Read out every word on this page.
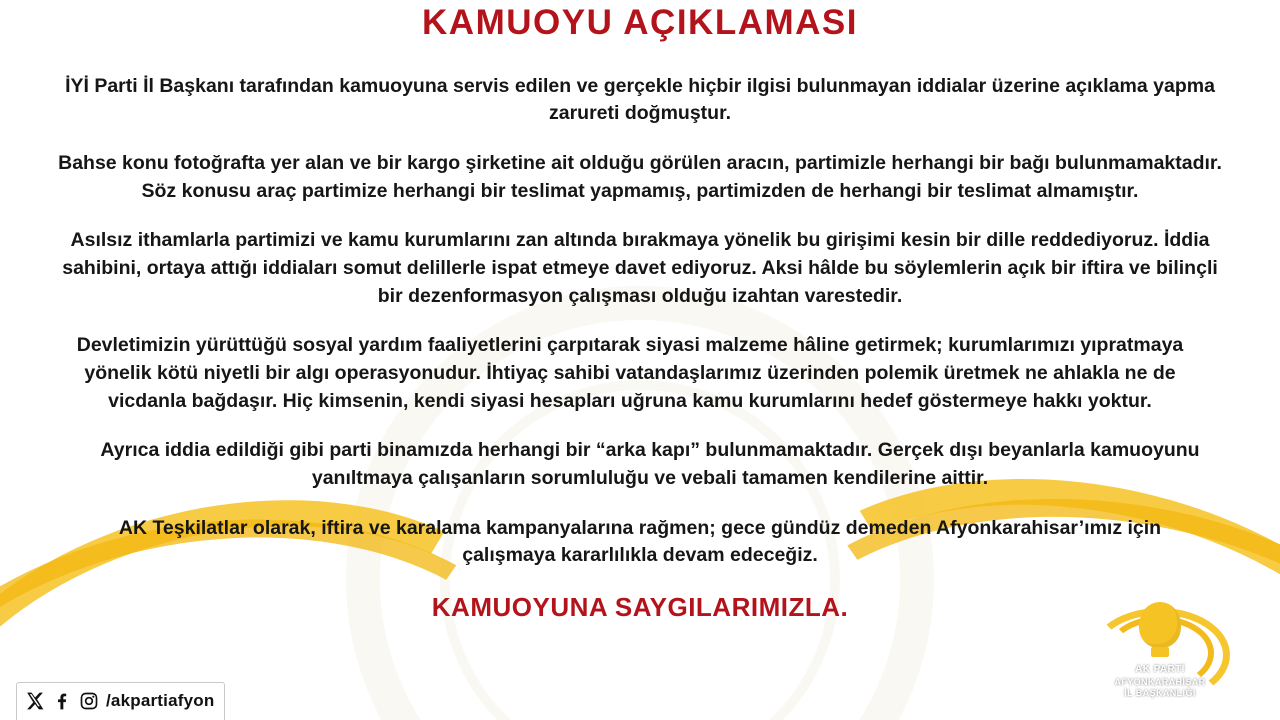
KAMUOYU AÇIKLAMASI

İYİ Parti İl Başkanı tarafından kamuoyuna servis edilen ve gerçekle hiçbir ilgisi bulunmayan iddialar üzerine açıklama yapma zarureti doğmuştur.

Bahse konu fotoğrafta yer alan ve bir kargo şirketine ait olduğu görülen aracın, partimizle herhangi bir bağı bulunmamaktadır. Söz konusu araç partimize herhangi bir teslimat yapmamış, partimizden de herhangi bir teslimat almamıştır.

Asılsız ithamlarla partimizi ve kamu kurumlarını zan altında bırakmaya yönelik bu girişimi kesin bir dille reddediyoruz. İddia sahibini, ortaya attığı iddiaları somut delillerle ispat etmeye davet ediyoruz. Aksi hâlde bu söylemlerin açık bir iftira ve bilinçli bir dezenformasyon çalışması olduğu izahtan varestedir.

Devletimizin yürüttüğü sosyal yardım faaliyetlerini çarpıtarak siyasi malzeme hâline getirmek; kurumlarımızı yıpratmaya yönelik kötü niyetli bir algı operasyonudur. İhtiyaç sahibi vatandaşlarımız üzerinden polemik üretmek ne ahlakla ne de vicdanla bağdaşır. Hiç kimsenin, kendi siyasi hesapları uğruna kamu kurumlarını hedef göstermeye hakkı yoktur.

Ayrıca iddia edildiği gibi parti binamızda herhangi bir “arka kapı” bulunmamaktadır. Gerçek dışı beyanlarla kamuoyunu yanıltmaya çalışanların sorumluluğu ve vebali tamamen kendilerine aittir.

AK Teşkilatlar olarak, iftira ve karalama kampanyalarına rağmen; gece gündüz demeden Afyonkarahisar’ımız için çalışmaya kararlılıkla devam edeceğiz.

KAMUOYUNA SAYGILARIMIZLA.
AK PARTİ
AFYONKARAHİSAR
İL BAŞKANLIĞI
/akpartiafyon
